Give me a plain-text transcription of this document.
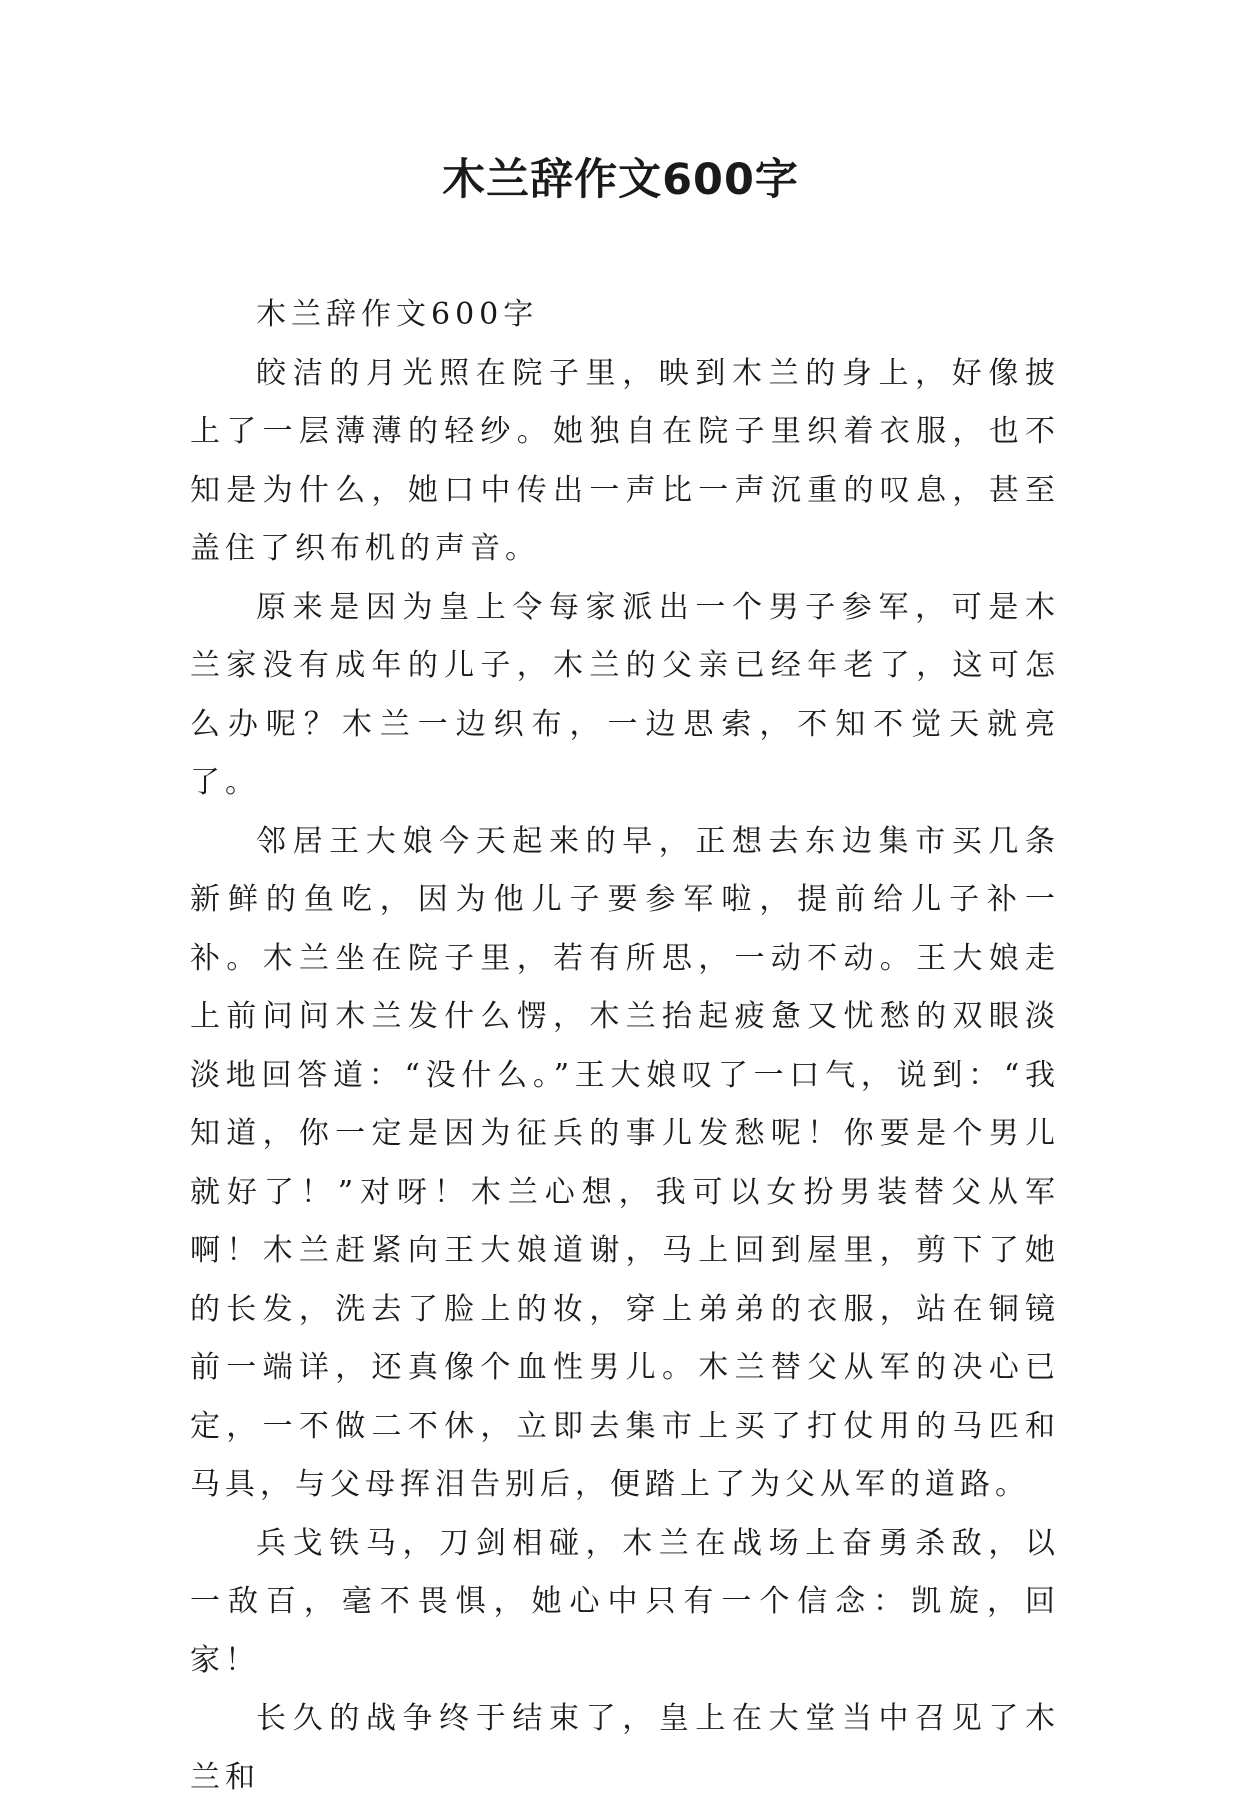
木兰辞作文600字

木兰辞作文600字

皎洁的月光照在院子里，映到木兰的身上，好像披上了一层薄薄的轻纱。她独自在院子里织着衣服，也不知是为什么，她口中传出一声比一声沉重的叹息，甚至盖住了织布机的声音。

原来是因为皇上令每家派出一个男子参军，可是木兰家没有成年的儿子，木兰的父亲已经年老了，这可怎么办呢？木兰一边织布，一边思索，不知不觉天就亮了。

邻居王大娘今天起来的早，正想去东边集市买几条新鲜的鱼吃，因为他儿子要参军啦，提前给儿子补一补。木兰坐在院子里，若有所思，一动不动。王大娘走上前问问木兰发什么愣，木兰抬起疲惫又忧愁的双眼淡淡地回答道：“没什么。”王大娘叹了一口气，说到：“我知道，你一定是因为征兵的事儿发愁呢！你要是个男儿就好了！”对呀！木兰心想，我可以女扮男装替父从军啊！木兰赶紧向王大娘道谢，马上回到屋里，剪下了她的长发，洗去了脸上的妆，穿上弟弟的衣服，站在铜镜前一端详，还真像个血性男儿。木兰替父从军的决心已定，一不做二不休，立即去集市上买了打仗用的马匹和马具，与父母挥泪告别后，便踏上了为父从军的道路。

兵戈铁马，刀剑相碰，木兰在战场上奋勇杀敌，以一敌百，毫不畏惧，她心中只有一个信念：凯旋，回家！

长久的战争终于结束了，皇上在大堂当中召见了木兰和
